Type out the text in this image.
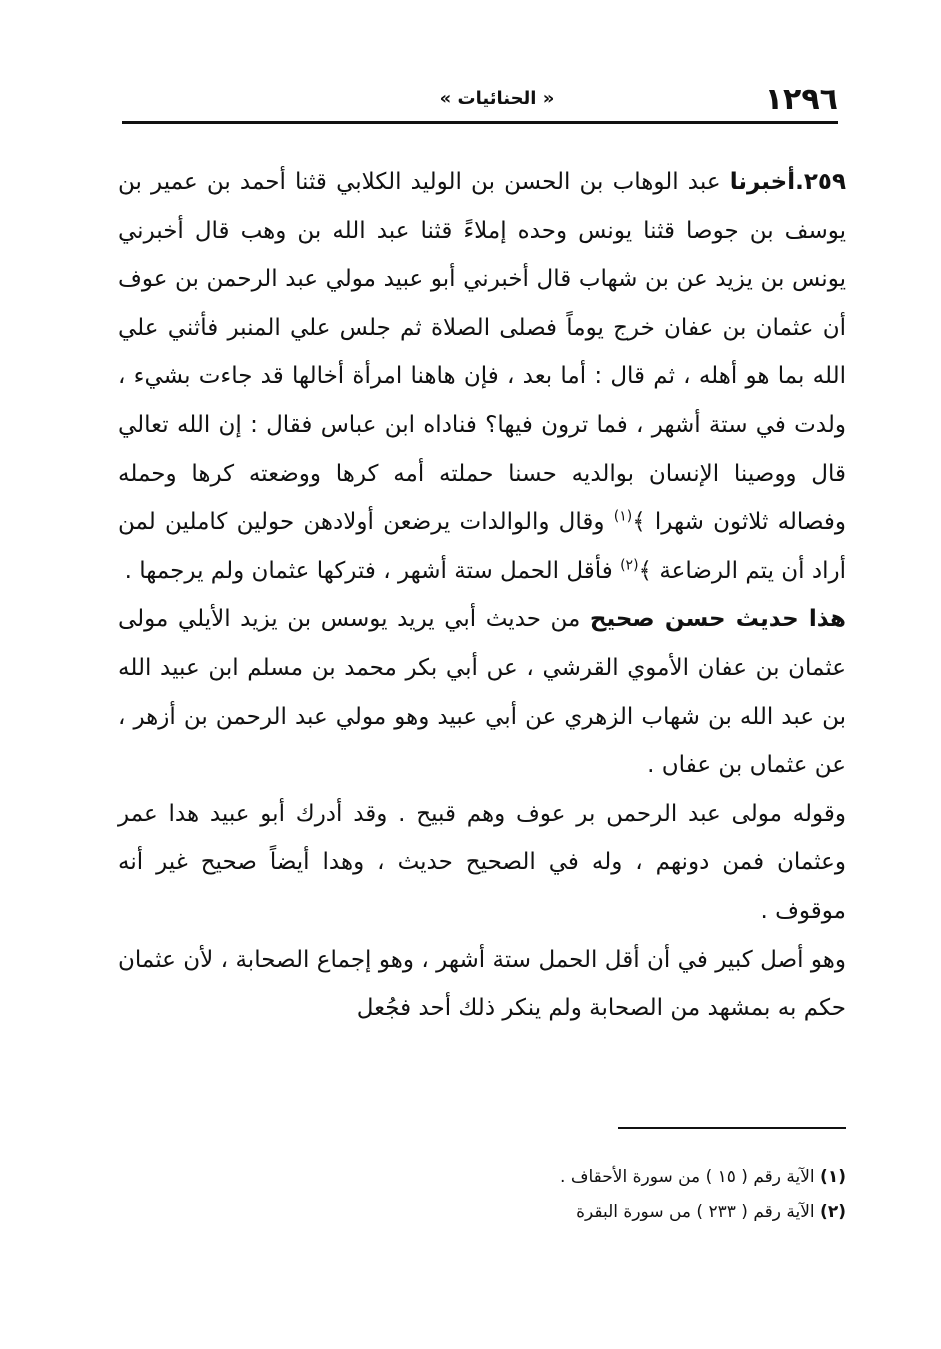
١٢٩٦
« الحنائيات »

٢٥٩.أخبرنا عبد الوهاب بن الحسن بن الوليد الكلابي قثنا أحمد بن عمير بن يوسف بن جوصا قثنا يونس وحده إملاءً قثنا عبد الله بن وهب قال أخبرني يونس بن يزيد عن بن شهاب قال أخبرني أبو عبيد مولي عبد الرحمن بن عوف أن عثمان بن عفان خرج يوماً فصلى الصلاة ثم جلس علي المنبر فأثني علي الله بما هو أهله ، ثم قال : أما بعد ، فإن هاهنا امرأة أخالها قد جاءت بشيء ، ولدت في ستة أشهر ، فما ترون فيها؟ فناداه ابن عباس فقال : إن الله تعالي قال ووصينا الإنسان بوالديه حسنا حملته أمه كرها ووضعته كرها وحمله وفصاله ثلاثون شهرا ﴾$^{(١)}$ وقال والوالدات يرضعن أولادهن حولين كاملين لمن أراد أن يتم الرضاعة ﴾$^{(٢)}$ فأقل الحمل ستة أشهر ، فتركها عثمان ولم يرجمها .

هذا حديث حسن صحيح من حديث أبي يريد يوسس بن يزيد الأيلي مولى عثمان بن عفان الأموي القرشي ، عں أبي بكر محمد بن مسلم ابن عبيد الله بن عبد الله بن شهاب الزهري عن أبي عبيد وهو مولي عبد الرحمن بن أزهر ، عن عثماں بن عفاں .

وقوله مولى عبد الرحمں بر عوف وهم قبيح . وقد أدرك أبو عبيد هدا عمر وعثمان فمن دونهم ، وله في الصحيح حديث ، وهدا أيضاً صحيح غير أنه موقوف .

وهو أصل كبير في أن أقل الحمل ستة أشهر ، وهو إجماع الصحابة ، لأن عثمان حكم به بمشهد من الصحابة ولم ينكر ذلك أحد فجُعل

(١) الآية رقم ( ١٥ ) من سورة الأحقاف .
(٢) الآية رقم ( ٢٣٣ ) مں سورة البقرة
